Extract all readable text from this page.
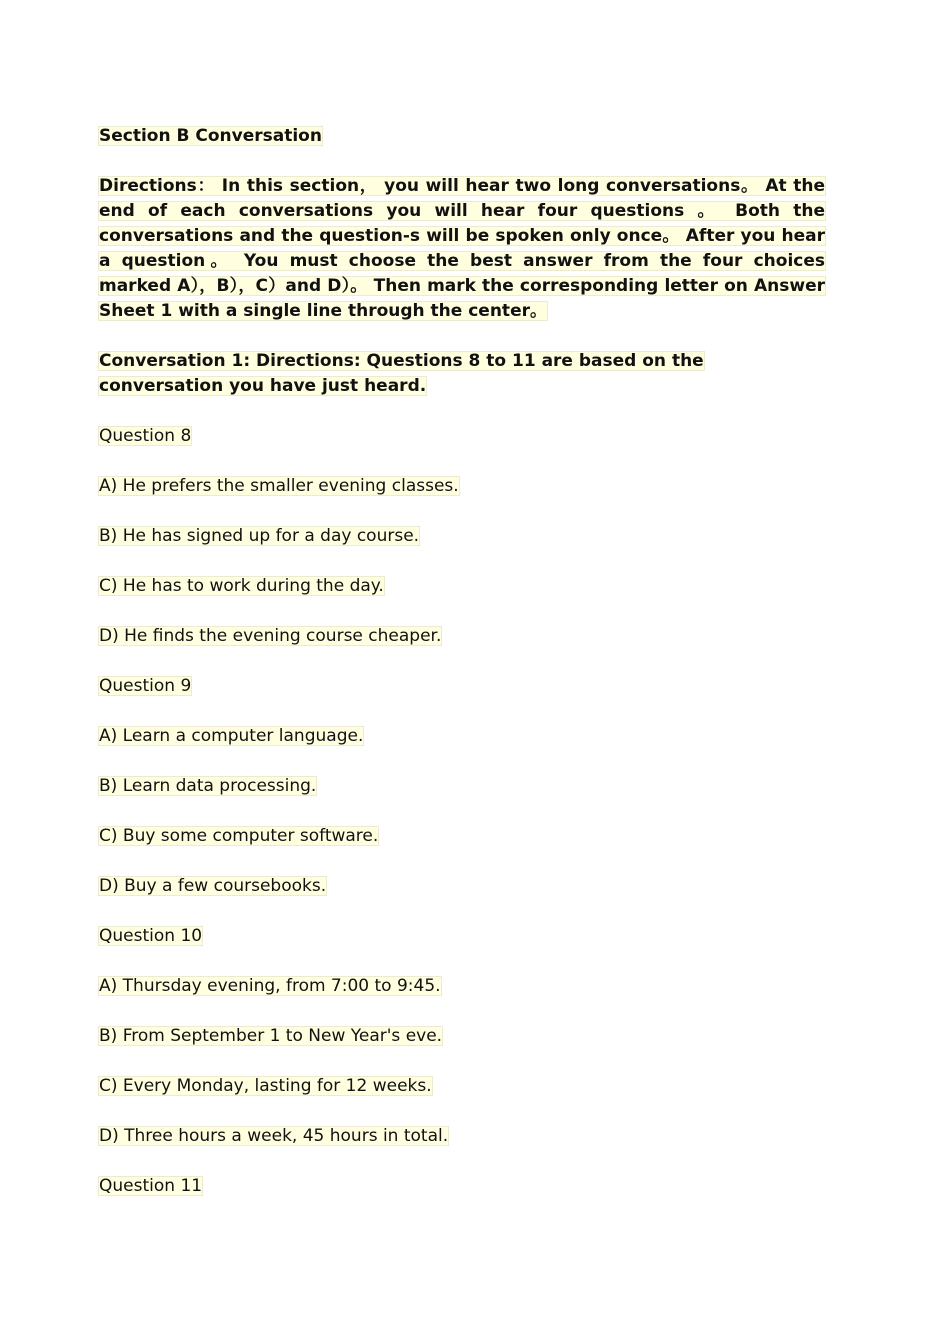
Section B Conversation

Directions： In this section， you will hear two long conversations。 At the end of each conversations you will hear four questions 。 Both the conversations and the question-s will be spoken only once。 After you hear a question。 You must choose the best answer from the four choices marked A），B），C）and D）。 Then mark the corresponding letter on Answer Sheet 1 with a single line through the center。

Conversation 1: Directions: Questions 8 to 11 are based on the conversation you have just heard.

Question 8

A) He prefers the smaller evening classes.

B) He has signed up for a day course.

C) He has to work during the day.

D) He finds the evening course cheaper.

Question 9

A) Learn a computer language.

B) Learn data processing.

C) Buy some computer software.

D) Buy a few coursebooks.

Question 10

A) Thursday evening, from 7:00 to 9:45.

B) From September 1 to New Year's eve.

C) Every Monday, lasting for 12 weeks.

D) Three hours a week, 45 hours in total.

Question 11
